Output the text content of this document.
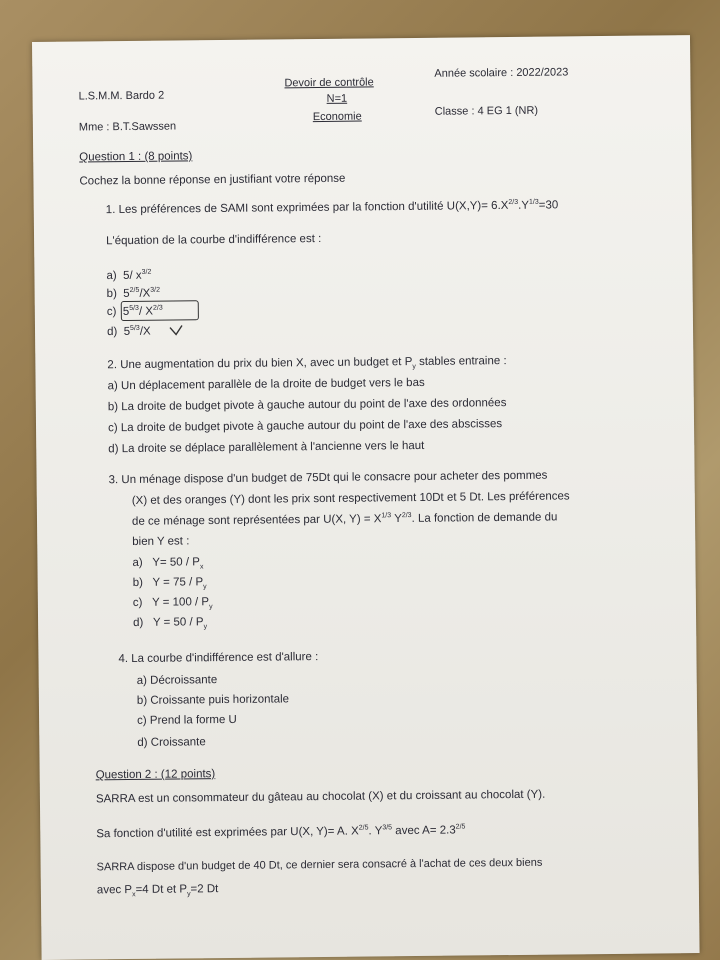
L.S.M.M. Bardo 2
Mme : B.T.Sawssen
Devoir de contrôle
N=1
Economie
Année scolaire : 2022/2023
Classe : 4 EG 1 (NR)
Question 1 : (8 points)
Cochez la bonne réponse en justifiant votre réponse
1. Les préférences de SAMI sont exprimées par la fonction d'utilité $U(X,Y)= 6.X^{2/3}.Y^{1/3}=30$
L'équation de la courbe d'indifférence est :
a) 5/ $x^{3/2}$
b) $5^{2/5}/X^{3/2}$
c) $5^{5/3}/$ $X^{2/3}$
d) $5^{5/3}/X$
2. Une augmentation du prix du bien X, avec un budget et $P_y$ stables entraine :
a) Un déplacement parallèle de la droite de budget vers le bas
b) La droite de budget pivote à gauche autour du point de l'axe des ordonnées
c) La droite de budget pivote à gauche autour du point de l'axe des abscisses
d) La droite se déplace parallèlement à l'ancienne vers le haut
3. Un ménage dispose d'un budget de 75Dt qui le consacre pour acheter des pommes
(X) et des oranges (Y) dont les prix sont respectivement 10Dt et 5 Dt. Les préférences
de ce ménage sont représentées par U(X, $Y) = X^{1/3}$ $Y^{2/3}$. La fonction de demande du
bien Y est :
a) $Y= 50 / P_x$
b) $Y = 75 / P_y$
c) $Y = 100 / P_y$
d) $Y = 50 / P_y$
4. La courbe d'indifférence est d'allure :
a) Décroissante
b) Croissante puis horizontale
c) Prend la forme U
d) Croissante
Question 2 : (12 points)
SARRA est un consommateur du gâteau au chocolat (X) et du croissant au chocolat (Y).
Sa fonction d'utilité est exprimées par U(X, Y)= A. $X^{2/5}$. $Y^{3/5}$ avec $A= 2.3^{2/5}$
SARRA dispose d'un budget de 40 Dt, ce dernier sera consacré à l'achat de ces deux biens
avec $P_x=4$ Dt et $P_y=2$ Dt
